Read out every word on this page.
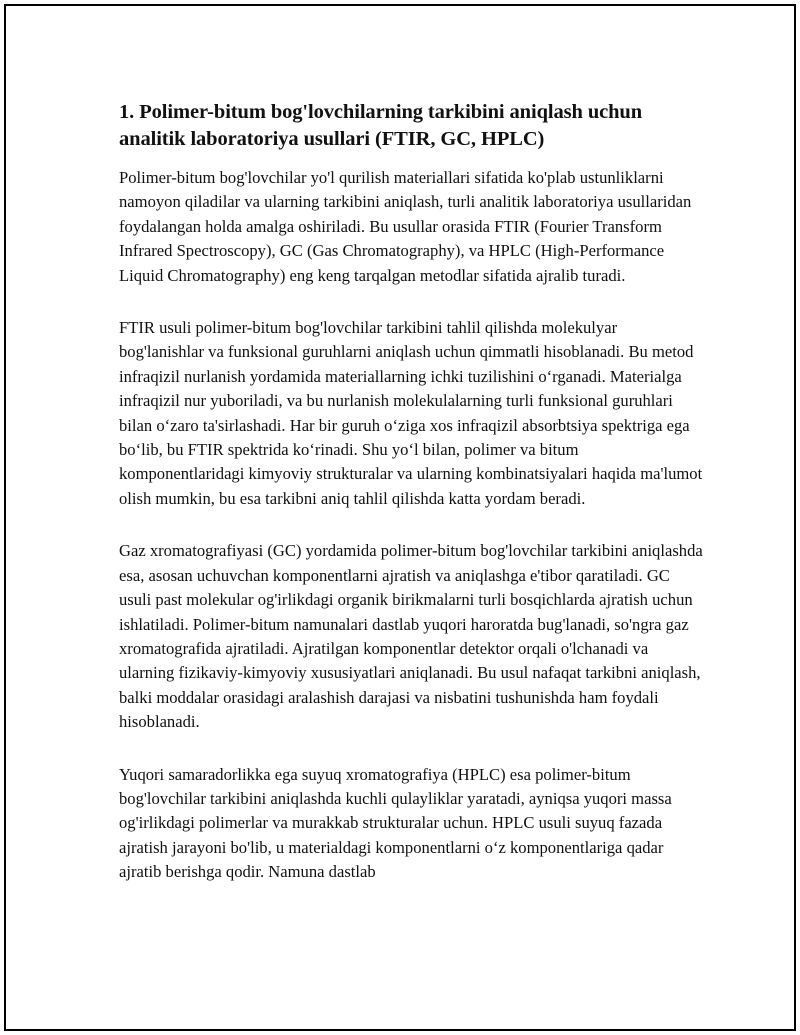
1. Polimer-bitum bog'lovchilarning tarkibini aniqlash uchun analitik laboratoriya usullari (FTIR, GC, HPLC)

Polimer-bitum bog'lovchilar yo'l qurilish materiallari sifatida ko'plab ustunliklarni namoyon qiladilar va ularning tarkibini aniqlash, turli analitik laboratoriya usullaridan foydalangan holda amalga oshiriladi. Bu usullar orasida FTIR (Fourier Transform Infrared Spectroscopy), GC (Gas Chromatography), va HPLC (High-Performance Liquid Chromatography) eng keng tarqalgan metodlar sifatida ajralib turadi.

FTIR usuli polimer-bitum bog'lovchilar tarkibini tahlil qilishda molekulyar bog'lanishlar va funksional guruhlarni aniqlash uchun qimmatli hisoblanadi. Bu metod infraqizil nurlanish yordamida materiallarning ichki tuzilishini o‘rganadi. Materialga infraqizil nur yuboriladi, va bu nurlanish molekulalarning turli funksional guruhlari bilan o‘zaro ta'sirlashadi. Har bir guruh o‘ziga xos infraqizil absorbtsiya spektriga ega bo‘lib, bu FTIR spektrida ko‘rinadi. Shu yo‘l bilan, polimer va bitum komponentlaridagi kimyoviy strukturalar va ularning kombinatsiyalari haqida ma'lumot olish mumkin, bu esa tarkibni aniq tahlil qilishda katta yordam beradi.

Gaz xromatografiyasi (GC) yordamida polimer-bitum bog'lovchilar tarkibini aniqlashda esa, asosan uchuvchan komponentlarni ajratish va aniqlashga e'tibor qaratiladi. GC usuli past molekular og'irlikdagi organik birikmalarni turli bosqichlarda ajratish uchun ishlatiladi. Polimer-bitum namunalari dastlab yuqori haroratda bug'lanadi, so'ngra gaz xromatografida ajratiladi. Ajratilgan komponentlar detektor orqali o'lchanadi va ularning fizikaviy-kimyoviy xususiyatlari aniqlanadi. Bu usul nafaqat tarkibni aniqlash, balki moddalar orasidagi aralashish darajasi va nisbatini tushunishda ham foydali hisoblanadi.

Yuqori samaradorlikka ega suyuq xromatografiya (HPLC) esa polimer-bitum bog'lovchilar tarkibini aniqlashda kuchli qulayliklar yaratadi, ayniqsa yuqori massa og'irlikdagi polimerlar va murakkab strukturalar uchun. HPLC usuli suyuq fazada ajratish jarayoni bo'lib, u materialdagi komponentlarni o‘z komponentlariga qadar ajratib berishga qodir. Namuna dastlab
